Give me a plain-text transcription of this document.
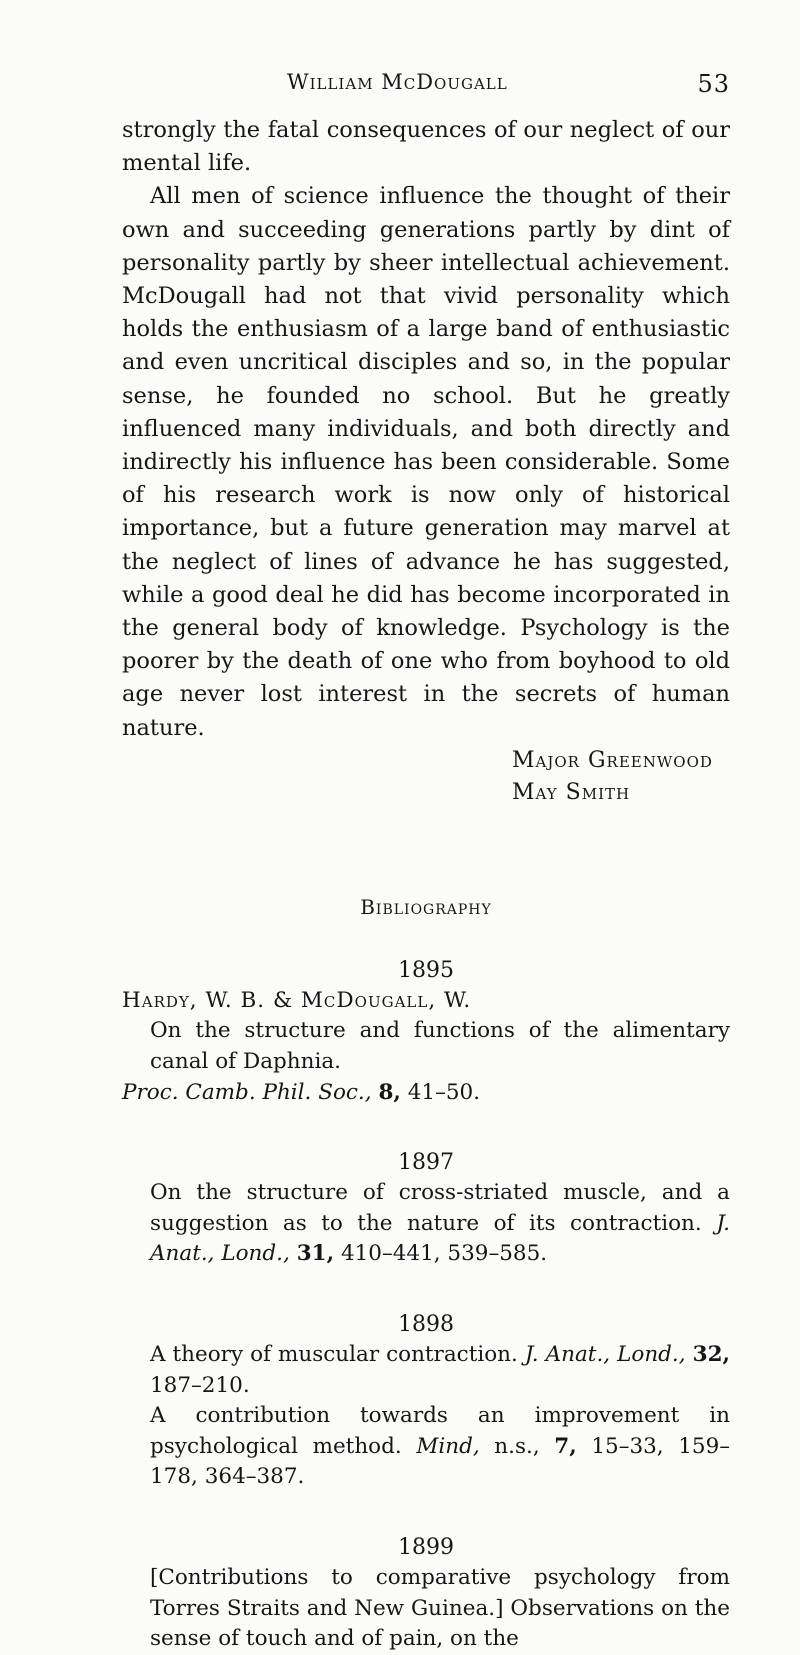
William McDougall	53

strongly the fatal consequences of our neglect of our mental life.

All men of science influence the thought of their own and succeeding generations partly by dint of personality partly by sheer intellectual achievement. McDougall had not that vivid personality which holds the enthusiasm of a large band of enthusiastic and even uncritical disciples and so, in the popular sense, he founded no school. But he greatly influenced many individuals, and both directly and indirectly his influence has been considerable. Some of his research work is now only of historical importance, but a future generation may marvel at the neglect of lines of advance he has suggested, while a good deal he did has become incorporated in the general body of knowledge. Psychology is the poorer by the death of one who from boyhood to old age never lost interest in the secrets of human nature.

Major Greenwood
May Smith
Bibliography
1895
Hardy, W. B. & McDougall, W.
On the structure and functions of the alimentary canal of Daphnia.
Proc. Camb. Phil. Soc., 8, 41–50.
1897
On the structure of cross-striated muscle, and a suggestion as to the nature of its contraction. J. Anat., Lond., 31, 410–441, 539–585.
1898
A theory of muscular contraction. J. Anat., Lond., 32, 187–210.
A contribution towards an improvement in psychological method. Mind, n.s., 7, 15–33, 159–178, 364–387.
1899
[Contributions to comparative psychology from Torres Straits and New Guinea.] Observations on the sense of touch and of pain, on the
